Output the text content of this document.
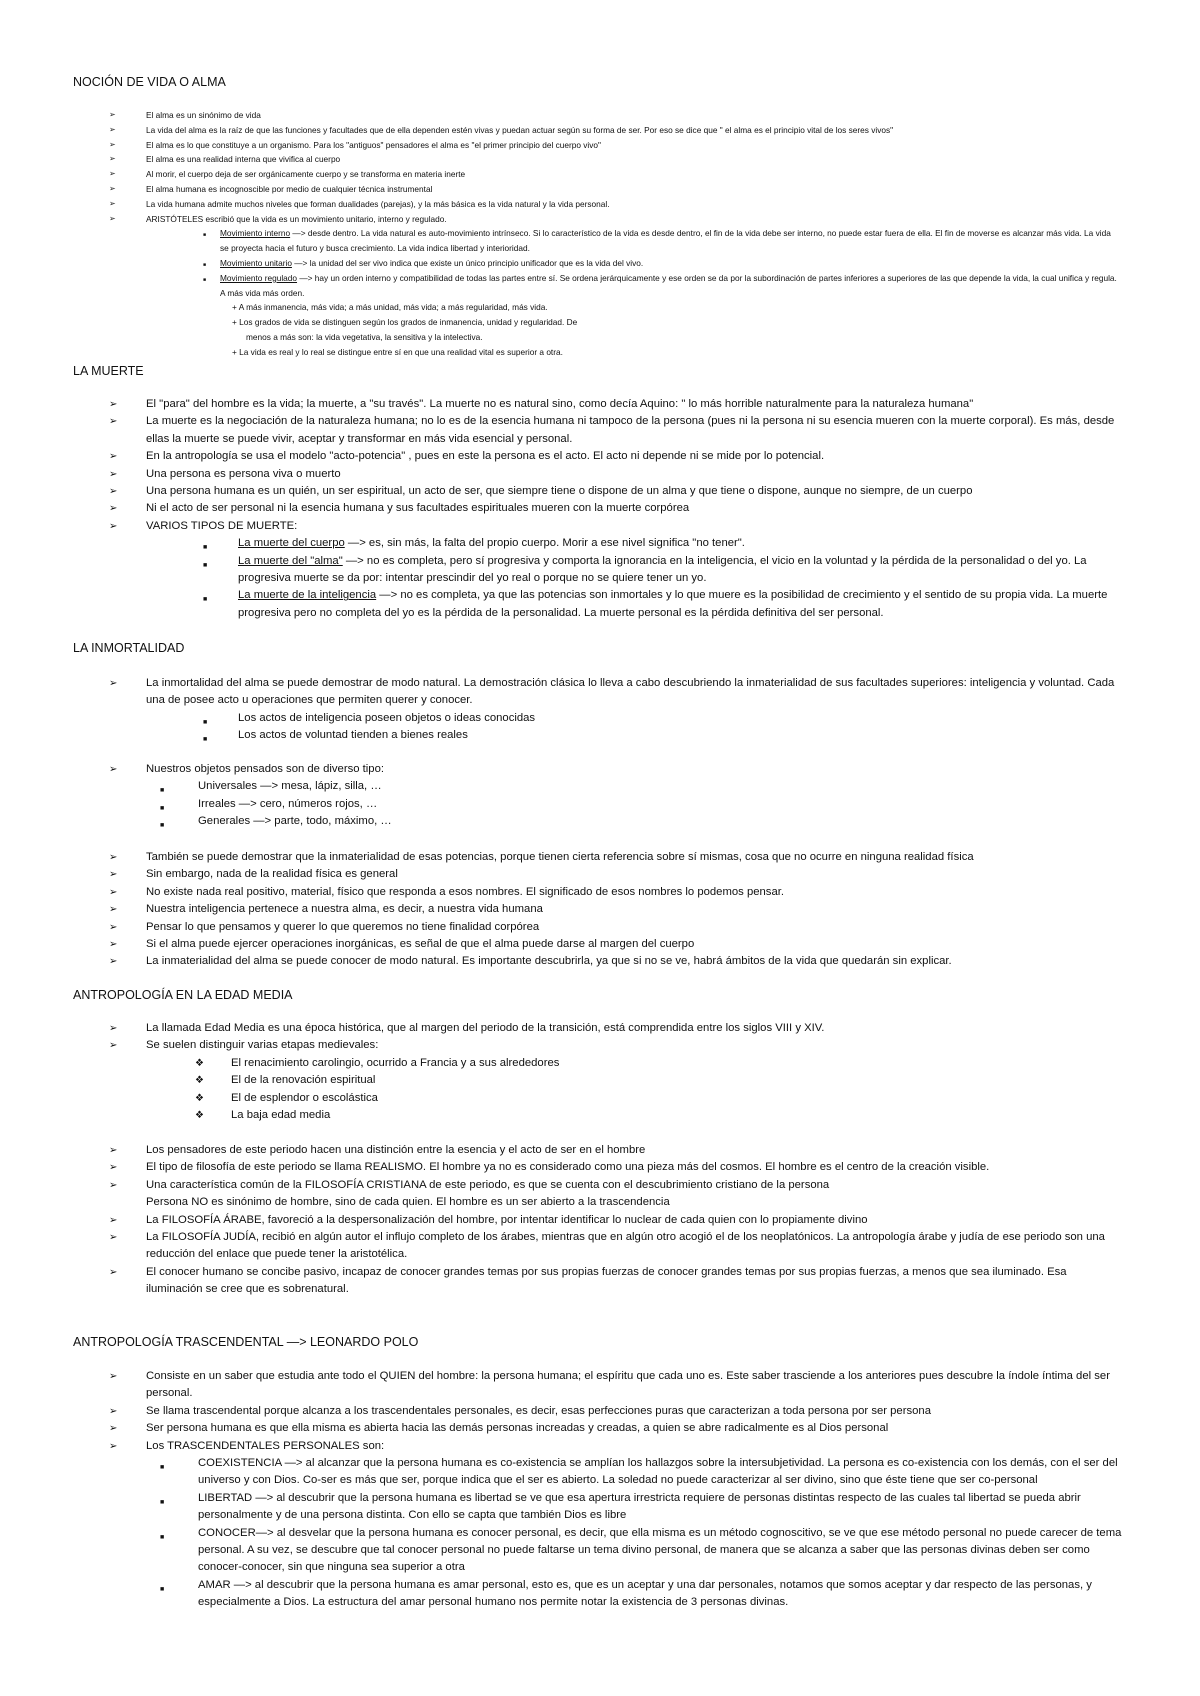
NOCIÓN DE VIDA O ALMA
➢	El alma es un sinónimo de vida
➢	La vida del alma es la raíz de que las funciones y facultades que de ella dependen estén vivas y puedan actuar según su forma de ser. Por eso se dice que " el alma es el principio vital de los seres vivos"
➢	El alma es lo que constituye a un organismo. Para los "antiguos" pensadores el alma es "el primer principio del cuerpo vivo"
➢	El alma es una realidad interna que vivifica al cuerpo
➢	Al morir, el cuerpo deja de ser orgánicamente cuerpo y se transforma en materia inerte
➢	El alma humana es incognoscible por medio de cualquier técnica instrumental
➢	La vida humana admite muchos niveles que forman dualidades (parejas), y la más básica es la vida natural y la vida personal.
➢	ARISTÓTELES escribió que la vida es un movimiento unitario, interno y regulado.
■ Movimiento interno —> desde dentro. La vida natural es auto-movimiento intrínseco. Si lo característico de la vida es desde dentro, el fin de la vida debe ser interno, no puede estar fuera de ella. El fin de moverse es alcanzar más vida. La vida se proyecta hacia el futuro y busca crecimiento. La vida indica libertad y interioridad.
■ Movimiento unitario —> la unidad del ser vivo indica que existe un único principio unificador que es la vida del vivo.
■ Movimiento regulado —> hay un orden interno y compatibilidad de todas las partes entre sí. Se ordena jerárquicamente y ese orden se da por la subordinación de partes inferiores a superiores de las que depende la vida, la cual unifica y regula. A más vida más orden.
+ A más inmanencia, más vida; a más unidad, más vida; a más regularidad, más vida.
+ Los grados de vida se distinguen según los grados de inmanencia, unidad y regularidad. De
menos a más son: la vida vegetativa, la sensitiva y la intelectiva.
+ La vida es real y lo real se distingue entre sí en que una realidad vital es superior a otra.
LA MUERTE
➢	El "para" del hombre es la vida; la muerte, a "su través". La muerte no es natural sino, como decía Aquino: " lo más horrible naturalmente para la naturaleza humana"
➢	La muerte es la negociación de la naturaleza humana; no lo es de la esencia humana ni tampoco de la persona (pues ni la persona ni su esencia mueren con la muerte corporal). Es más, desde ellas la muerte se puede vivir, aceptar y transformar en más vida esencial y personal.
➢	En la antropología se usa el modelo "acto-potencia" , pues en este la persona es el acto. El acto ni depende ni se mide por lo potencial.
➢	Una persona es persona viva o muerto
➢	Una persona humana es un quién, un ser espiritual, un acto de ser, que siempre tiene o dispone de un alma y que tiene o dispone, aunque no siempre, de un cuerpo
➢	Ni el acto de ser personal ni la esencia humana y sus facultades espirituales mueren con la muerte corpórea
➢	VARIOS TIPOS DE MUERTE:
■	La muerte del cuerpo —> es, sin más, la falta del propio cuerpo. Morir a ese nivel significa "no tener".
■	La muerte del "alma" —> no es completa, pero sí progresiva y comporta la ignorancia en la inteligencia, el vicio en la voluntad y la pérdida de la personalidad o del yo. La progresiva muerte se da por: intentar prescindir del yo real o porque no se quiere tener un yo.
■	La muerte de la inteligencia —> no es completa, ya que las potencias son inmortales y lo que muere es la posibilidad de crecimiento y el sentido de su propia vida. La muerte progresiva pero no completa del yo es la pérdida de la personalidad. La muerte personal es la pérdida definitiva del ser personal.
LA INMORTALIDAD
➢	La inmortalidad del alma se puede demostrar de modo natural. La demostración clásica lo lleva a cabo descubriendo la inmaterialidad de sus facultades superiores: inteligencia y voluntad. Cada una de posee acto u operaciones que permiten querer y conocer.
■	Los actos de inteligencia poseen objetos o ideas conocidas
■	Los actos de voluntad tienden a bienes reales
➢	Nuestros objetos pensados son de diverso tipo:
■	Universales —> mesa, lápiz, silla, …
■	Irreales —> cero, números rojos, …
■	Generales —> parte, todo, máximo, …
➢	También se puede demostrar que la inmaterialidad de esas potencias, porque tienen cierta referencia sobre sí mismas, cosa que no ocurre en ninguna realidad física
➢	Sin embargo, nada de la realidad física es general
➢	No existe nada real positivo, material, físico que responda a esos nombres. El significado de esos nombres lo podemos pensar.
➢	Nuestra inteligencia pertenece a nuestra alma, es decir, a nuestra vida humana
➢	Pensar lo que pensamos y querer lo que queremos no tiene finalidad corpórea
➢	Si el alma puede ejercer operaciones inorgánicas, es señal de que el alma puede darse al margen del cuerpo
➢	La inmaterialidad del alma se puede conocer de modo natural. Es importante descubrirla, ya que si no se ve, habrá ámbitos de la vida que quedarán sin explicar.
ANTROPOLOGÍA EN LA EDAD MEDIA
➢	La llamada Edad Media es una época histórica, que al margen del periodo de la transición, está comprendida entre los siglos VIII y XIV.
➢	Se suelen distinguir varias etapas medievales:
❖ El renacimiento carolingio, ocurrido a Francia y a sus alrededores
❖ El de la renovación espiritual
❖ El de esplendor o escolástica
❖ La baja edad media
➢	Los pensadores de este periodo hacen una distinción entre la esencia y el acto de ser en el hombre
➢	El tipo de filosofía de este periodo se llama REALISMO. El hombre ya no es considerado como una pieza más del cosmos. El hombre es el centro de la creación visible.
➢	Una característica común de la FILOSOFÍA CRISTIANA de este periodo, es que se cuenta con el descubrimiento cristiano de la persona
Persona NO es sinónimo de hombre, sino de cada quien. El hombre es un ser abierto a la trascendencia
➢	La FILOSOFÍA ÁRABE, favoreció a la despersonalización del hombre, por intentar identificar lo nuclear de cada quien con lo propiamente divino
➢	La FILOSOFÍA JUDÍA, recibió en algún autor el influjo completo de los árabes, mientras que en algún otro acogió el de los neoplatónicos. La antropología árabe y judía de ese periodo son una reducción del enlace que puede tener la aristotélica.
➢	El conocer humano se concibe pasivo, incapaz de conocer grandes temas por sus propias fuerzas de conocer grandes temas por sus propias fuerzas, a menos que sea iluminado. Esa iluminación se cree que es sobrenatural.
ANTROPOLOGÍA TRASCENDENTAL —> LEONARDO POLO
➢	Consiste en un saber que estudia ante todo el QUIEN del hombre: la persona humana; el espíritu que cada uno es. Este saber trasciende a los anteriores pues descubre la índole íntima del ser personal.
➢	Se llama trascendental porque alcanza a los trascendentales personales, es decir, esas perfecciones puras que caracterizan a toda persona por ser persona
➢	Ser persona humana es que ella misma es abierta hacia las demás personas increadas y creadas, a quien se abre radicalmente es al Dios personal
➢	Los TRASCENDENTALES PERSONALES son:
■	COEXISTENCIA —> al alcanzar que la persona humana es co-existencia se amplían los hallazgos sobre la intersubjetividad. La persona es co-existencia con los demás, con el ser del universo y con Dios. Co-ser es más que ser, porque indica que el ser es abierto. La soledad no puede caracterizar al ser divino, sino que éste tiene que ser co-personal
■	LIBERTAD —> al descubrir que la persona humana es libertad se ve que esa apertura irrestricta requiere de personas distintas respecto de las cuales tal libertad se pueda abrir personalmente y de una persona distinta. Con ello se capta que también Dios es libre
■	CONOCER—> al desvelar que la persona humana es conocer personal, es decir, que ella misma es un método cognoscitivo, se ve que ese método personal no puede carecer de tema personal. A su vez, se descubre que tal conocer personal no puede faltarse un tema divino personal, de manera que se alcanza a saber que las personas divinas deben ser como conocer-conocer, sin que ninguna sea superior a otra
■	AMAR —> al descubrir que la persona humana es amar personal, esto es, que es un aceptar y una dar personales, notamos que somos aceptar y dar respecto de las personas, y especialmente a Dios. La estructura del amar personal humano nos permite notar la existencia de 3 personas divinas.
